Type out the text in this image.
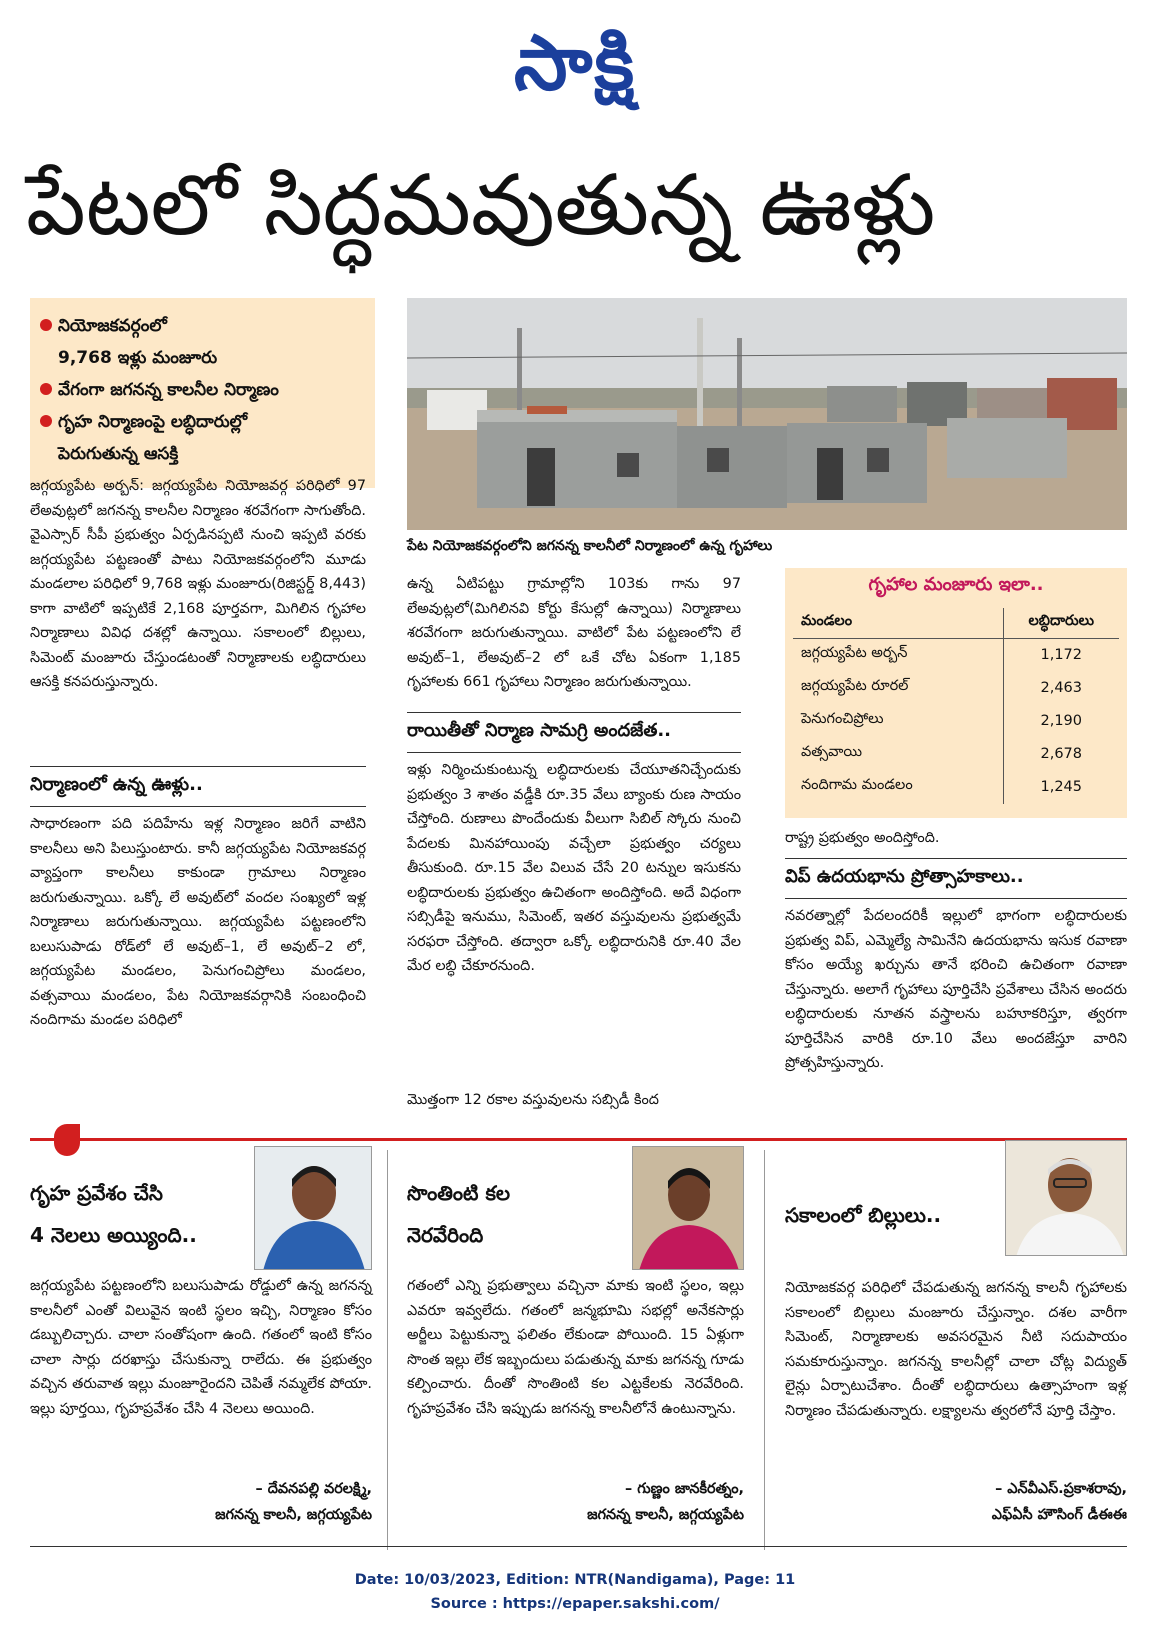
సాక్షి
పేటలో సిద్ధమవుతున్న ఊళ్లు
నియోజకవర్గంలో
9,768 ఇళ్లు మంజూరు
వేగంగా జగనన్న కాలనీల నిర్మాణం
గృహ నిర్మాణంపై లబ్ధిదారుల్లో
పెరుగుతున్న ఆసక్తి
పేట నియోజకవర్గంలోని జగనన్న కాలనీలో నిర్మాణంలో ఉన్న గృహాలు
జగ్గయ్యపేట అర్బన్: జగ్గయ్యపేట నియోజవర్గ పరిధిలో 97 లేఅవుట్లలో జగనన్న కాలనీల నిర్మాణం శరవేగంగా సాగుతోంది. వైఎస్సార్‌ సీపీ ప్రభుత్వం ఏర్పడినప్పటి నుంచి ఇప్పటి వరకు జగ్గయ్యపేట పట్టణంతో పాటు నియోజకవర్గంలోని మూడు మండలాల పరిధిలో 9,768 ఇళ్లు మంజూరు(రిజిస్టర్డ్‌ 8,443) కాగా వాటిలో ఇప్పటికే 2,168 పూర్తవగా, మిగిలిన గృహాల నిర్మాణాలు వివిధ దశల్లో ఉన్నాయి. సకాలంలో బిల్లులు, సిమెంట్‌ మంజూరు చేస్తుండటంతో నిర్మాణాలకు లబ్ధిదారులు ఆసక్తి కనపరుస్తున్నారు.
నిర్మాణంలో ఉన్న ఊళ్లు..
సాధారణంగా పది పదిహేను ఇళ్ల నిర్మాణం జరిగే వాటిని కాలనీలు అని పిలుస్తుంటారు. కానీ జగ్గయ్యపేట నియోజకవర్గ వ్యాప్తంగా కాలనీలు కాకుండా గ్రామాలు నిర్మాణం జరుగుతున్నాయి. ఒక్కో లే అవుట్‌లో వందల సంఖ్యలో ఇళ్ల నిర్మాణాలు జరుగుతున్నాయి. జగ్గయ్యపేట పట్టణంలోని బలుసుపాడు రోడ్‌లో లే అవుట్‌–1, లే అవుట్‌–2 లో, జగ్గయ్యపేట మండలం, పెనుగంచిప్రోలు మండలం, వత్సవాయి మండలం, పేట నియోజకవర్గానికి సంబంధించి నందిగామ మండల పరిధిలో
ఉన్న ఏటిపట్టు గ్రామాల్లోని 103కు గాను 97 లేఅవుట్లలో(మిగిలినవి కోర్టు కేసుల్లో ఉన్నాయి) నిర్మాణాలు శరవేగంగా జరుగుతున్నాయి. వాటిలో పేట పట్టణంలోని లే అవుట్‌–1, లేఅవుట్‌–2 లో ఒకే చోట ఏకంగా 1,185 గృహాలకు 661 గృహాలు నిర్మాణం జరుగుతున్నాయి.
రాయితీతో నిర్మాణ సామగ్రి అందజేత..
ఇళ్లు నిర్మించుకుంటున్న లబ్ధిదారులకు చేయూతనిచ్చేందుకు ప్రభుత్వం 3 శాతం వడ్డీకి రూ.35 వేలు బ్యాంకు రుణ సాయం చేస్తోంది. రుణాలు పొందేందుకు వీలుగా సిబిల్‌ స్కోరు నుంచి పేదలకు మినహాయింపు వచ్చేలా ప్రభుత్వం చర్యలు తీసుకుంది. రూ.15 వేల విలువ చేసే 20 టన్నుల ఇసుకను లబ్ధిదారులకు ప్రభుత్వం ఉచితంగా అందిస్తోంది. అదే విధంగా సబ్సిడీపై ఇనుము, సిమెంట్‌, ఇతర వస్తువులను ప్రభుత్వమే సరఫరా చేస్తోంది. తద్వారా ఒక్కో లబ్ధిదారునికి రూ.40 వేల మేర లబ్ధి చేకూరనుంది.
మొత్తంగా 12 రకాల వస్తువులను సబ్సిడీ కింద
గృహాల మంజూరు ఇలా..
మండలం	లబ్ధిదారులు
జగ్గయ్యపేట అర్బన్‌	1,172
జగ్గయ్యపేట రూరల్‌	2,463
పెనుగంచిప్రోలు	2,190
వత్సవాయి	2,678
నందిగామ మండలం	1,245
రాష్ట్ర ప్రభుత్వం అందిస్తోంది.
విప్‌ ఉదయభాను ప్రోత్సాహకాలు..
నవరత్నాల్లో పేదలందరికీ ఇల్లులో భాగంగా లబ్ధిదారులకు ప్రభుత్వ విప్‌, ఎమ్మెల్యే సామినేని ఉదయభాను ఇసుక రవాణా కోసం అయ్యే ఖర్చును తానే భరించి ఉచితంగా రవాణా చేస్తున్నారు. అలాగే గృహాలు పూర్తిచేసి ప్రవేశాలు చేసిన అందరు లబ్ధిదారులకు నూతన వస్త్రాలను బహూకరిస్తూ, త్వరగా పూర్తిచేసిన వారికి రూ.10 వేలు అందజేస్తూ వారిని ప్రోత్సహిస్తున్నారు.
గృహ ప్రవేశం చేసి
4 నెలలు అయ్యింది..
జగ్గయ్యపేట పట్టణంలోని బలుసుపాడు రోడ్డులో ఉన్న జగనన్న కాలనీలో ఎంతో విలువైన ఇంటి స్థలం ఇచ్చి, నిర్మాణం కోసం డబ్బులిచ్చారు. చాలా సంతోషంగా ఉంది. గతంలో ఇంటి కోసం చాలా సార్లు దరఖాస్తు చేసుకున్నా రాలేదు. ఈ ప్రభుత్వం వచ్చిన తరువాత ఇల్లు మంజూరైందని చెపితే నమ్మలేక పోయా. ఇల్లు పూర్తయి, గృహప్రవేశం చేసి 4 నెలలు అయింది.
– దేవనపల్లి వరలక్ష్మి,
జగనన్న కాలనీ, జగ్గయ్యపేట
సొంతింటి కల
నెరవేరింది
గతంలో ఎన్ని ప్రభుత్వాలు వచ్చినా మాకు ఇంటి స్థలం, ఇల్లు ఎవరూ ఇవ్వలేదు. గతంలో జన్మభూమి సభల్లో అనేకసార్లు అర్జీలు పెట్టుకున్నా ఫలితం లేకుండా పోయింది. 15 ఏళ్లుగా సొంత ఇల్లు లేక ఇబ్బందులు పడుతున్న మాకు జగనన్న గూడు కల్పించారు. దీంతో సొంతింటి కల ఎట్టకేలకు నెరవేరింది. గృహప్రవేశం చేసి ఇప్పుడు జగనన్న కాలనీలోనే ఉంటున్నాను.
– గుణ్ణం జానకీరత్నం,
జగనన్న కాలనీ, జగ్గయ్యపేట
సకాలంలో బిల్లులు..
నియోజకవర్గ పరిధిలో చేపడుతున్న జగనన్న కాలనీ గృహాలకు సకాలంలో బిల్లులు మంజూరు చేస్తున్నాం. దశల వారీగా సిమెంట్‌, నిర్మాణాలకు అవసరమైన నీటి సదుపాయం సమకూరుస్తున్నాం. జగనన్న కాలనీల్లో చాలా చోట్ల విద్యుత్‌ లైన్లు ఏర్పాటుచేశాం. దీంతో లబ్ధిదారులు ఉత్సాహంగా ఇళ్ల నిర్మాణం చేపడుతున్నారు. లక్ష్యాలను త్వరలోనే పూర్తి చేస్తాం.
– ఎన్‌వీఎస్‌.ప్రకాశరావు,
ఎఫ్‌ఏసీ హౌసింగ్‌ డీఈఈ
Date: 10/03/2023, Edition: NTR(Nandigama), Page: 11
Source : https://epaper.sakshi.com/
